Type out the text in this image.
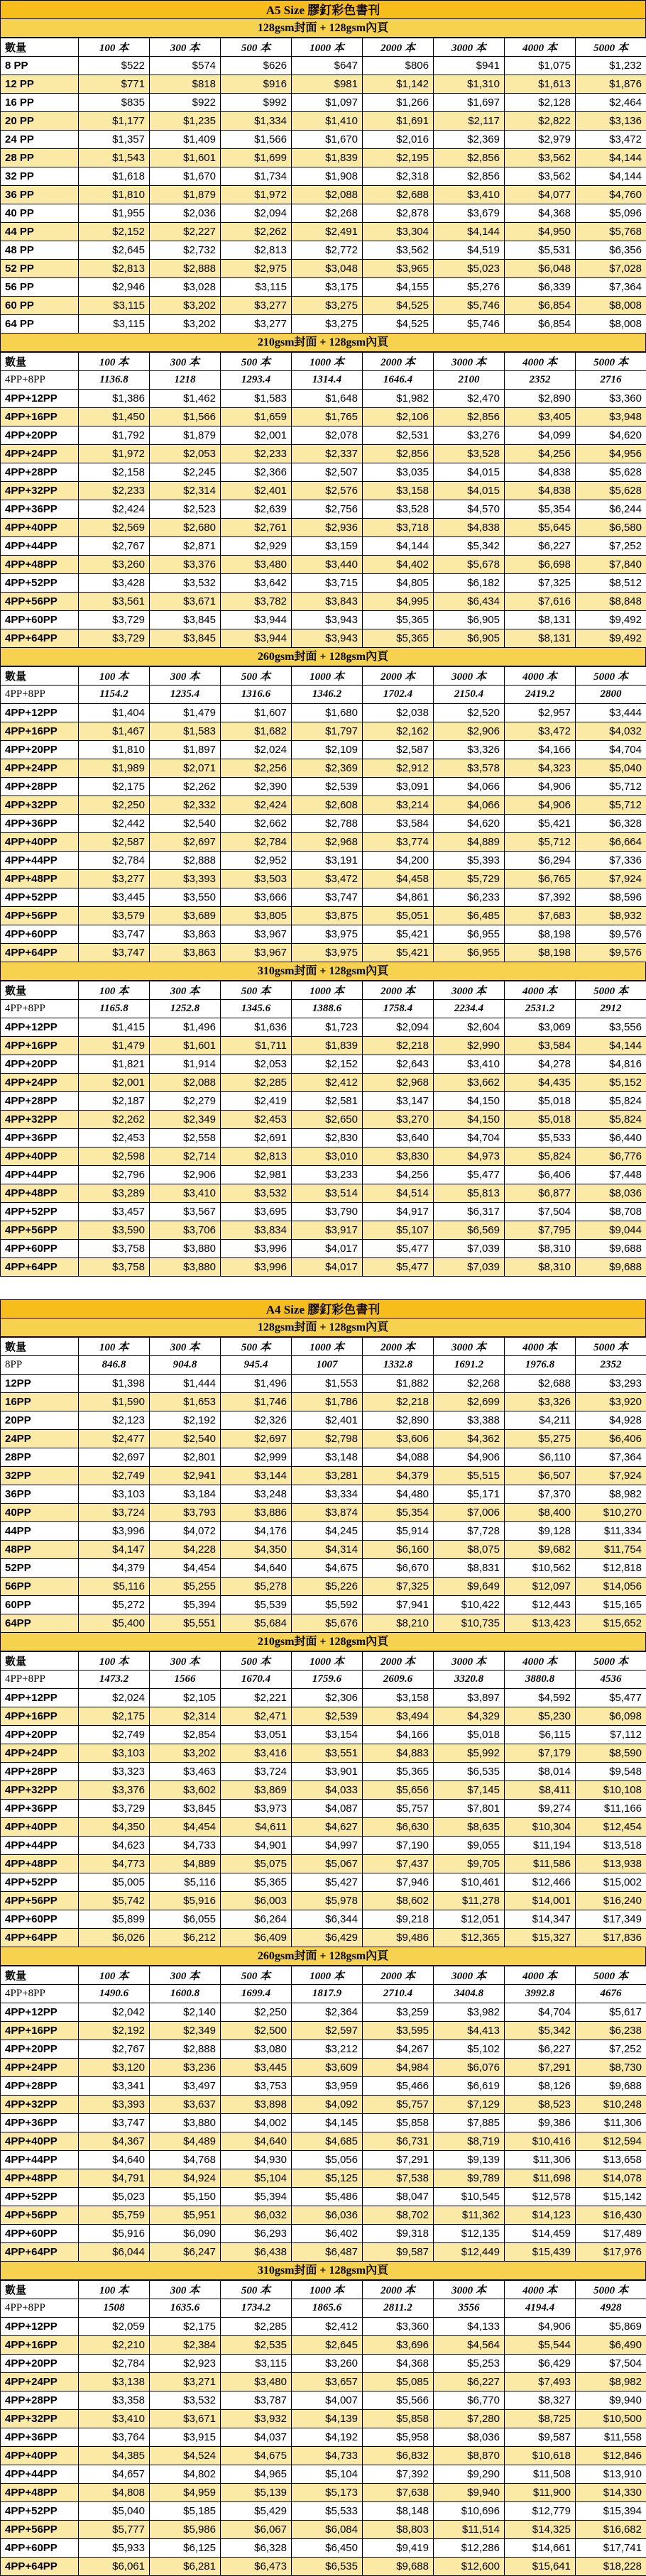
A5 Size 膠釘彩色書刊
128gsm封面 + 128gsm內頁
數量	100 本	300 本	500 本	1000 本	2000 本	3000 本	4000 本	5000 本
8 PP	$522	$574	$626	$647	$806	$941	$1,075	$1,232
12 PP	$771	$818	$916	$981	$1,142	$1,310	$1,613	$1,876
16 PP	$835	$922	$992	$1,097	$1,266	$1,697	$2,128	$2,464
20 PP	$1,177	$1,235	$1,334	$1,410	$1,691	$2,117	$2,822	$3,136
24 PP	$1,357	$1,409	$1,566	$1,670	$2,016	$2,369	$2,979	$3,472
28 PP	$1,543	$1,601	$1,699	$1,839	$2,195	$2,856	$3,562	$4,144
32 PP	$1,618	$1,670	$1,734	$1,908	$2,318	$2,856	$3,562	$4,144
36 PP	$1,810	$1,879	$1,972	$2,088	$2,688	$3,410	$4,077	$4,760
40 PP	$1,955	$2,036	$2,094	$2,268	$2,878	$3,679	$4,368	$5,096
44 PP	$2,152	$2,227	$2,262	$2,491	$3,304	$4,144	$4,950	$5,768
48 PP	$2,645	$2,732	$2,813	$2,772	$3,562	$4,519	$5,531	$6,356
52 PP	$2,813	$2,888	$2,975	$3,048	$3,965	$5,023	$6,048	$7,028
56 PP	$2,946	$3,028	$3,115	$3,175	$4,155	$5,276	$6,339	$7,364
60 PP	$3,115	$3,202	$3,277	$3,275	$4,525	$5,746	$6,854	$8,008
64 PP	$3,115	$3,202	$3,277	$3,275	$4,525	$5,746	$6,854	$8,008
210gsm封面 + 128gsm內頁
數量	100 本	300 本	500 本	1000 本	2000 本	3000 本	4000 本	5000 本
4PP+8PP	1136.8	1218	1293.4	1314.4	1646.4	2100	2352	2716
4PP+12PP	$1,386	$1,462	$1,583	$1,648	$1,982	$2,470	$2,890	$3,360
4PP+16PP	$1,450	$1,566	$1,659	$1,765	$2,106	$2,856	$3,405	$3,948
4PP+20PP	$1,792	$1,879	$2,001	$2,078	$2,531	$3,276	$4,099	$4,620
4PP+24PP	$1,972	$2,053	$2,233	$2,337	$2,856	$3,528	$4,256	$4,956
4PP+28PP	$2,158	$2,245	$2,366	$2,507	$3,035	$4,015	$4,838	$5,628
4PP+32PP	$2,233	$2,314	$2,401	$2,576	$3,158	$4,015	$4,838	$5,628
4PP+36PP	$2,424	$2,523	$2,639	$2,756	$3,528	$4,570	$5,354	$6,244
4PP+40PP	$2,569	$2,680	$2,761	$2,936	$3,718	$4,838	$5,645	$6,580
4PP+44PP	$2,767	$2,871	$2,929	$3,159	$4,144	$5,342	$6,227	$7,252
4PP+48PP	$3,260	$3,376	$3,480	$3,440	$4,402	$5,678	$6,698	$7,840
4PP+52PP	$3,428	$3,532	$3,642	$3,715	$4,805	$6,182	$7,325	$8,512
4PP+56PP	$3,561	$3,671	$3,782	$3,843	$4,995	$6,434	$7,616	$8,848
4PP+60PP	$3,729	$3,845	$3,944	$3,943	$5,365	$6,905	$8,131	$9,492
4PP+64PP	$3,729	$3,845	$3,944	$3,943	$5,365	$6,905	$8,131	$9,492
260gsm封面 + 128gsm內頁
數量	100 本	300 本	500 本	1000 本	2000 本	3000 本	4000 本	5000 本
4PP+8PP	1154.2	1235.4	1316.6	1346.2	1702.4	2150.4	2419.2	2800
4PP+12PP	$1,404	$1,479	$1,607	$1,680	$2,038	$2,520	$2,957	$3,444
4PP+16PP	$1,467	$1,583	$1,682	$1,797	$2,162	$2,906	$3,472	$4,032
4PP+20PP	$1,810	$1,897	$2,024	$2,109	$2,587	$3,326	$4,166	$4,704
4PP+24PP	$1,989	$2,071	$2,256	$2,369	$2,912	$3,578	$4,323	$5,040
4PP+28PP	$2,175	$2,262	$2,390	$2,539	$3,091	$4,066	$4,906	$5,712
4PP+32PP	$2,250	$2,332	$2,424	$2,608	$3,214	$4,066	$4,906	$5,712
4PP+36PP	$2,442	$2,540	$2,662	$2,788	$3,584	$4,620	$5,421	$6,328
4PP+40PP	$2,587	$2,697	$2,784	$2,968	$3,774	$4,889	$5,712	$6,664
4PP+44PP	$2,784	$2,888	$2,952	$3,191	$4,200	$5,393	$6,294	$7,336
4PP+48PP	$3,277	$3,393	$3,503	$3,472	$4,458	$5,729	$6,765	$7,924
4PP+52PP	$3,445	$3,550	$3,666	$3,747	$4,861	$6,233	$7,392	$8,596
4PP+56PP	$3,579	$3,689	$3,805	$3,875	$5,051	$6,485	$7,683	$8,932
4PP+60PP	$3,747	$3,863	$3,967	$3,975	$5,421	$6,955	$8,198	$9,576
4PP+64PP	$3,747	$3,863	$3,967	$3,975	$5,421	$6,955	$8,198	$9,576
310gsm封面 + 128gsm內頁
數量	100 本	300 本	500 本	1000 本	2000 本	3000 本	4000 本	5000 本
4PP+8PP	1165.8	1252.8	1345.6	1388.6	1758.4	2234.4	2531.2	2912
4PP+12PP	$1,415	$1,496	$1,636	$1,723	$2,094	$2,604	$3,069	$3,556
4PP+16PP	$1,479	$1,601	$1,711	$1,839	$2,218	$2,990	$3,584	$4,144
4PP+20PP	$1,821	$1,914	$2,053	$2,152	$2,643	$3,410	$4,278	$4,816
4PP+24PP	$2,001	$2,088	$2,285	$2,412	$2,968	$3,662	$4,435	$5,152
4PP+28PP	$2,187	$2,279	$2,419	$2,581	$3,147	$4,150	$5,018	$5,824
4PP+32PP	$2,262	$2,349	$2,453	$2,650	$3,270	$4,150	$5,018	$5,824
4PP+36PP	$2,453	$2,558	$2,691	$2,830	$3,640	$4,704	$5,533	$6,440
4PP+40PP	$2,598	$2,714	$2,813	$3,010	$3,830	$4,973	$5,824	$6,776
4PP+44PP	$2,796	$2,906	$2,981	$3,233	$4,256	$5,477	$6,406	$7,448
4PP+48PP	$3,289	$3,410	$3,532	$3,514	$4,514	$5,813	$6,877	$8,036
4PP+52PP	$3,457	$3,567	$3,695	$3,790	$4,917	$6,317	$7,504	$8,708
4PP+56PP	$3,590	$3,706	$3,834	$3,917	$5,107	$6,569	$7,795	$9,044
4PP+60PP	$3,758	$3,880	$3,996	$4,017	$5,477	$7,039	$8,310	$9,688
4PP+64PP	$3,758	$3,880	$3,996	$4,017	$5,477	$7,039	$8,310	$9,688
A4 Size 膠釘彩色書刊
128gsm封面 + 128gsm內頁
數量	100 本	300 本	500 本	1000 本	2000 本	3000 本	4000 本	5000 本
8PP	846.8	904.8	945.4	1007	1332.8	1691.2	1976.8	2352
12PP	$1,398	$1,444	$1,496	$1,553	$1,882	$2,268	$2,688	$3,293
16PP	$1,590	$1,653	$1,746	$1,786	$2,218	$2,699	$3,326	$3,920
20PP	$2,123	$2,192	$2,326	$2,401	$2,890	$3,388	$4,211	$4,928
24PP	$2,477	$2,540	$2,697	$2,798	$3,606	$4,362	$5,275	$6,406
28PP	$2,697	$2,801	$2,999	$3,148	$4,088	$4,906	$6,110	$7,364
32PP	$2,749	$2,941	$3,144	$3,281	$4,379	$5,515	$6,507	$7,924
36PP	$3,103	$3,184	$3,248	$3,334	$4,480	$5,171	$7,370	$8,982
40PP	$3,724	$3,793	$3,886	$3,874	$5,354	$7,006	$8,400	$10,270
44PP	$3,996	$4,072	$4,176	$4,245	$5,914	$7,728	$9,128	$11,334
48PP	$4,147	$4,228	$4,350	$4,314	$6,160	$8,075	$9,682	$11,754
52PP	$4,379	$4,454	$4,640	$4,675	$6,670	$8,831	$10,562	$12,818
56PP	$5,116	$5,255	$5,278	$5,226	$7,325	$9,649	$12,097	$14,056
60PP	$5,272	$5,394	$5,539	$5,592	$7,941	$10,422	$12,443	$15,165
64PP	$5,400	$5,551	$5,684	$5,676	$8,210	$10,735	$13,423	$15,652
210gsm封面 + 128gsm內頁
數量	100 本	300 本	500 本	1000 本	2000 本	3000 本	4000 本	5000 本
4PP+8PP	1473.2	1566	1670.4	1759.6	2609.6	3320.8	3880.8	4536
4PP+12PP	$2,024	$2,105	$2,221	$2,306	$3,158	$3,897	$4,592	$5,477
4PP+16PP	$2,175	$2,314	$2,471	$2,539	$3,494	$4,329	$5,230	$6,098
4PP+20PP	$2,749	$2,854	$3,051	$3,154	$4,166	$5,018	$6,115	$7,112
4PP+24PP	$3,103	$3,202	$3,416	$3,551	$4,883	$5,992	$7,179	$8,590
4PP+28PP	$3,323	$3,463	$3,724	$3,901	$5,365	$6,535	$8,014	$9,548
4PP+32PP	$3,376	$3,602	$3,869	$4,033	$5,656	$7,145	$8,411	$10,108
4PP+36PP	$3,729	$3,845	$3,973	$4,087	$5,757	$7,801	$9,274	$11,166
4PP+40PP	$4,350	$4,454	$4,611	$4,627	$6,630	$8,635	$10,304	$12,454
4PP+44PP	$4,623	$4,733	$4,901	$4,997	$7,190	$9,055	$11,194	$13,518
4PP+48PP	$4,773	$4,889	$5,075	$5,067	$7,437	$9,705	$11,586	$13,938
4PP+52PP	$5,005	$5,116	$5,365	$5,427	$7,946	$10,461	$12,466	$15,002
4PP+56PP	$5,742	$5,916	$6,003	$5,978	$8,602	$11,278	$14,001	$16,240
4PP+60PP	$5,899	$6,055	$6,264	$6,344	$9,218	$12,051	$14,347	$17,349
4PP+64PP	$6,026	$6,212	$6,409	$6,429	$9,486	$12,365	$15,327	$17,836
260gsm封面 + 128gsm內頁
數量	100 本	300 本	500 本	1000 本	2000 本	3000 本	4000 本	5000 本
4PP+8PP	1490.6	1600.8	1699.4	1817.9	2710.4	3404.8	3992.8	4676
4PP+12PP	$2,042	$2,140	$2,250	$2,364	$3,259	$3,982	$4,704	$5,617
4PP+16PP	$2,192	$2,349	$2,500	$2,597	$3,595	$4,413	$5,342	$6,238
4PP+20PP	$2,767	$2,888	$3,080	$3,212	$4,267	$5,102	$6,227	$7,252
4PP+24PP	$3,120	$3,236	$3,445	$3,609	$4,984	$6,076	$7,291	$8,730
4PP+28PP	$3,341	$3,497	$3,753	$3,959	$5,466	$6,619	$8,126	$9,688
4PP+32PP	$3,393	$3,637	$3,898	$4,092	$5,757	$7,129	$8,523	$10,248
4PP+36PP	$3,747	$3,880	$4,002	$4,145	$5,858	$7,885	$9,386	$11,306
4PP+40PP	$4,367	$4,489	$4,640	$4,685	$6,731	$8,719	$10,416	$12,594
4PP+44PP	$4,640	$4,768	$4,930	$5,056	$7,291	$9,139	$11,306	$13,658
4PP+48PP	$4,791	$4,924	$5,104	$5,125	$7,538	$9,789	$11,698	$14,078
4PP+52PP	$5,023	$5,150	$5,394	$5,486	$8,047	$10,545	$12,578	$15,142
4PP+56PP	$5,759	$5,951	$6,032	$6,036	$8,702	$11,362	$14,123	$16,430
4PP+60PP	$5,916	$6,090	$6,293	$6,402	$9,318	$12,135	$14,459	$17,489
4PP+64PP	$6,044	$6,247	$6,438	$6,487	$9,587	$12,449	$15,439	$17,976
310gsm封面 + 128gsm內頁
數量	100 本	300 本	500 本	1000 本	2000 本	3000 本	4000 本	5000 本
4PP+8PP	1508	1635.6	1734.2	1865.6	2811.2	3556	4194.4	4928
4PP+12PP	$2,059	$2,175	$2,285	$2,412	$3,360	$4,133	$4,906	$5,869
4PP+16PP	$2,210	$2,384	$2,535	$2,645	$3,696	$4,564	$5,544	$6,490
4PP+20PP	$2,784	$2,923	$3,115	$3,260	$4,368	$5,253	$6,429	$7,504
4PP+24PP	$3,138	$3,271	$3,480	$3,657	$5,085	$6,227	$7,493	$8,982
4PP+28PP	$3,358	$3,532	$3,787	$4,007	$5,566	$6,770	$8,327	$9,940
4PP+32PP	$3,410	$3,671	$3,932	$4,139	$5,858	$7,280	$8,725	$10,500
4PP+36PP	$3,764	$3,915	$4,037	$4,192	$5,958	$8,036	$9,587	$11,558
4PP+40PP	$4,385	$4,524	$4,675	$4,733	$6,832	$8,870	$10,618	$12,846
4PP+44PP	$4,657	$4,802	$4,965	$5,104	$7,392	$9,290	$11,508	$13,910
4PP+48PP	$4,808	$4,959	$5,139	$5,173	$7,638	$9,940	$11,900	$14,330
4PP+52PP	$5,040	$5,185	$5,429	$5,533	$8,148	$10,696	$12,779	$15,394
4PP+56PP	$5,777	$5,986	$6,067	$6,084	$8,803	$11,514	$14,325	$16,682
4PP+60PP	$5,933	$6,125	$6,328	$6,450	$9,419	$12,286	$14,661	$17,741
4PP+64PP	$6,061	$6,281	$6,473	$6,535	$9,688	$12,600	$15,641	$18,228
